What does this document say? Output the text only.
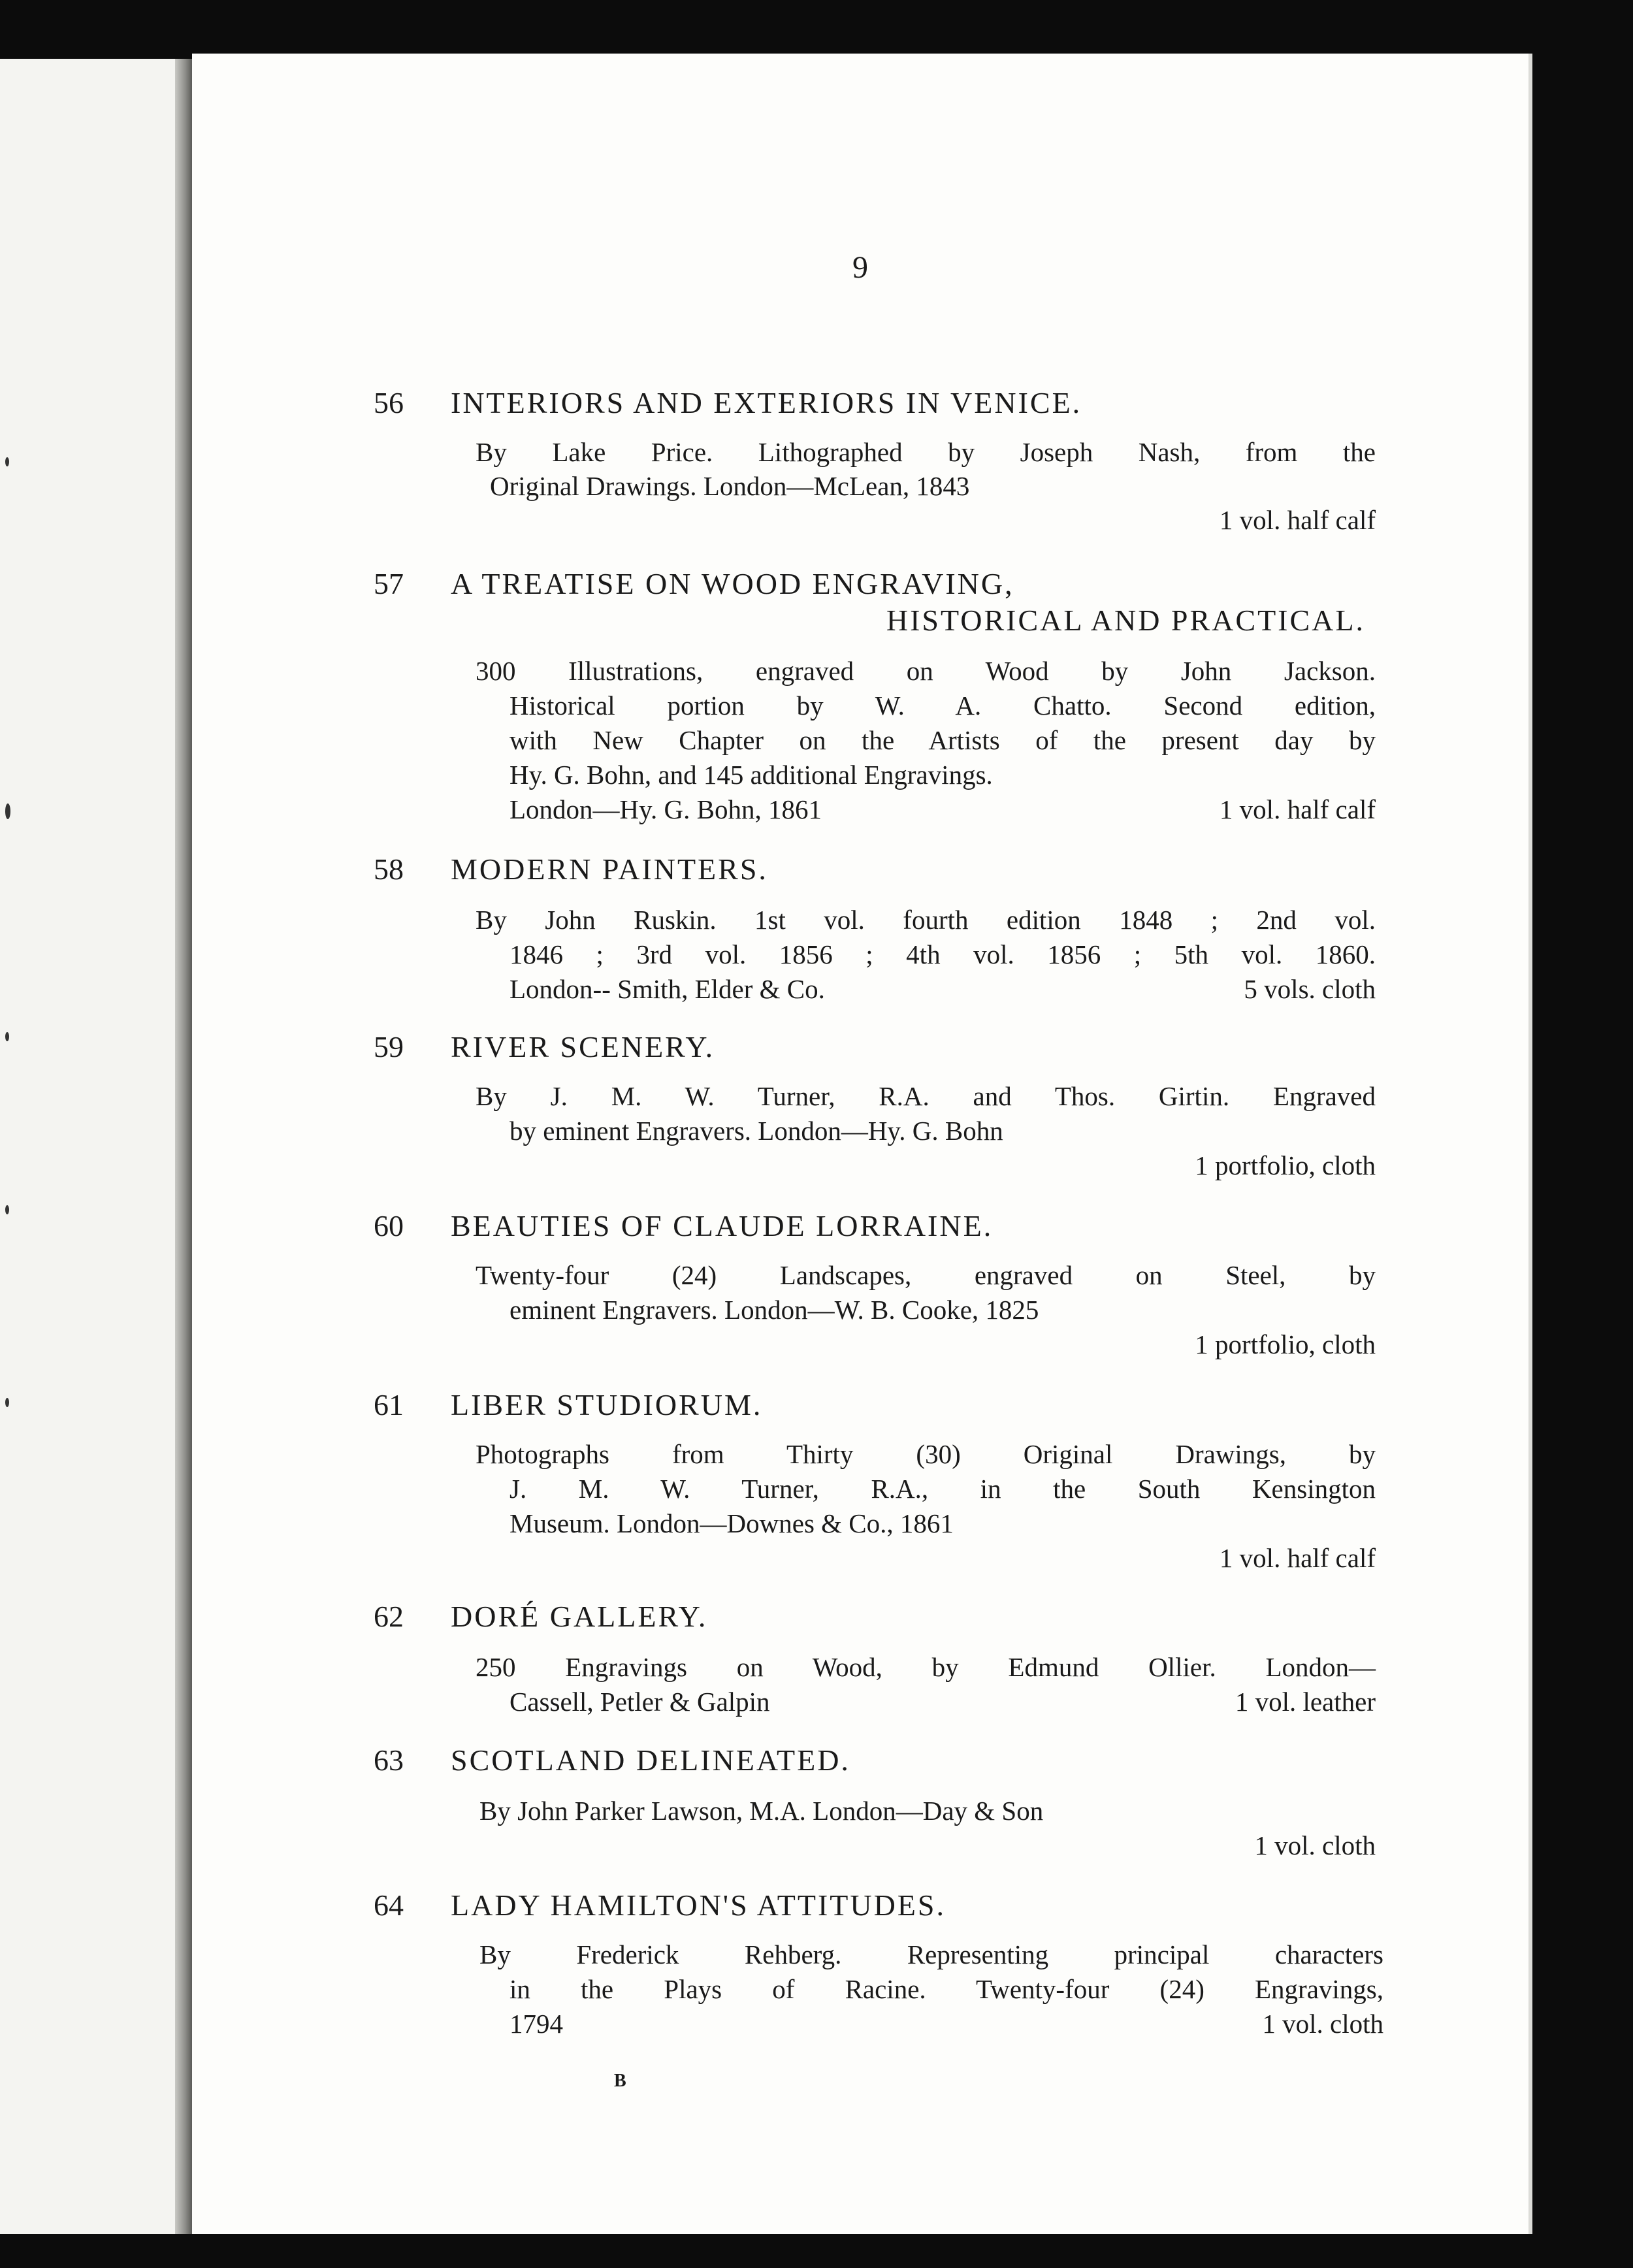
9
56 INTERIORS AND EXTERIORS IN VENICE.
By Lake Price. Lithographed by Joseph Nash, from the
Original Drawings. London—McLean, 1843
1 vol. half calf
57 A TREATISE ON WOOD ENGRAVING,
HISTORICAL AND PRACTICAL.
300 Illustrations, engraved on Wood by John Jackson.
Historical portion by W. A. Chatto. Second edition,
with New Chapter on the Artists of the present day by
Hy. G. Bohn, and 145 additional Engravings.
London—Hy. G. Bohn, 1861	1 vol. half calf
58 MODERN PAINTERS.
By John Ruskin. 1st vol. fourth edition 1848 ; 2nd vol.
1846 ; 3rd vol. 1856 ; 4th vol. 1856 ; 5th vol. 1860.
London-- Smith, Elder & Co.	5 vols. cloth
59 RIVER SCENERY.
By J. M. W. Turner, R.A. and Thos. Girtin. Engraved
by eminent Engravers. London—Hy. G. Bohn
1 portfolio, cloth
60 BEAUTIES OF CLAUDE LORRAINE.
Twenty-four (24) Landscapes, engraved on Steel, by
eminent Engravers. London—W. B. Cooke, 1825
1 portfolio, cloth
61 LIBER STUDIORUM.
Photographs from Thirty (30) Original Drawings, by
J. M. W. Turner, R.A., in the South Kensington
Museum. London—Downes & Co., 1861
1 vol. half calf
62 DORÉ GALLERY.
250 Engravings on Wood, by Edmund Ollier. London—
Cassell, Petler & Galpin	1 vol. leather
63 SCOTLAND DELINEATED.
By John Parker Lawson, M.A. London—Day & Son
1 vol. cloth
64 LADY HAMILTON'S ATTITUDES.
By Frederick Rehberg. Representing principal characters
in the Plays of Racine. Twenty-four (24) Engravings,
1794	1 vol. cloth
B
